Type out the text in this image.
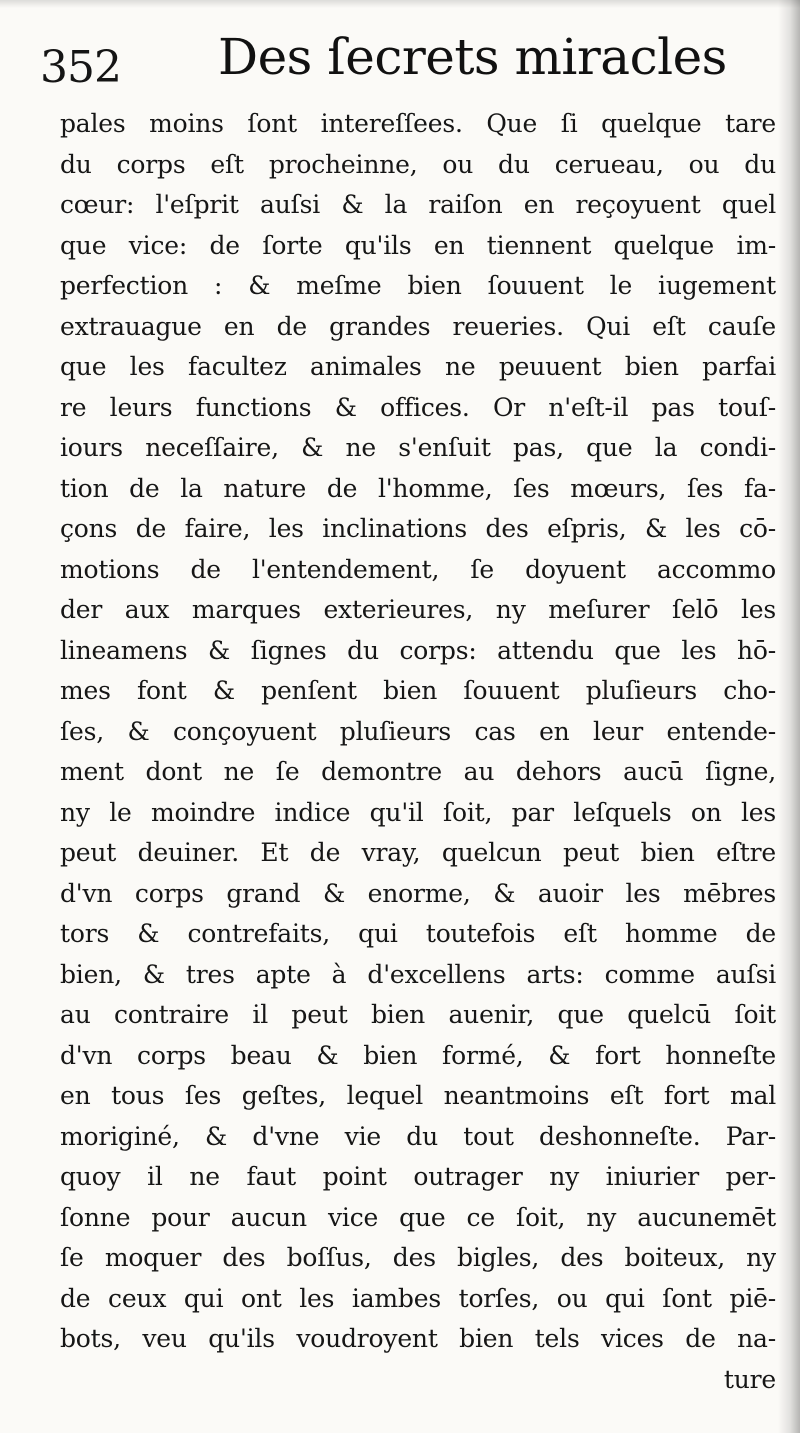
352 Des ſecrets miracles
pales moins ſont intereſſees. Que ſi quelque tare
du corps eſt procheinne, ou du cerueau, ou du
cœur: l'eſprit auſsi & la raiſon en reçoyuent quel
que vice: de ſorte qu'ils en tiennent quelque im-
perfection : & meſme bien ſouuent le iugement
extrauague en de grandes reueries. Qui eſt cauſe
que les facultez animales ne peuuent bien parfai
re leurs functions & offices. Or n'eſt-il pas touſ-
iours neceſſaire, & ne s'enſuit pas, que la condi-
tion de la nature de l'homme, ſes mœurs, ſes fa-
çons de faire, les inclinations des eſpris, & les cō-
motions de l'entendement, ſe doyuent accommo
der aux marques exterieures, ny meſurer ſelō les
lineamens & ſignes du corps: attendu que les hō-
mes font & penſent bien ſouuent pluſieurs cho-
ſes, & conçoyuent pluſieurs cas en leur entende-
ment dont ne ſe demontre au dehors aucū ſigne,
ny le moindre indice qu'il ſoit, par leſquels on les
peut deuiner. Et de vray, quelcun peut bien eſtre
d'vn corps grand & enorme, & auoir les mēbres
tors & contrefaits, qui toutefois eſt homme de
bien, & tres apte à d'excellens arts: comme auſsi
au contraire il peut bien auenir, que quelcū ſoit
d'vn corps beau & bien formé, & fort honneſte
en tous ſes geſtes, lequel neantmoins eſt fort mal
moriginé, & d'vne vie du tout deshonneſte. Par-
quoy il ne faut point outrager ny iniurier per-
ſonne pour aucun vice que ce ſoit, ny aucunemēt
ſe moquer des boſſus, des bigles, des boiteux, ny
de ceux qui ont les iambes torſes, ou qui ſont piē-
bots, veu qu'ils voudroyent bien tels vices de na-
ture
